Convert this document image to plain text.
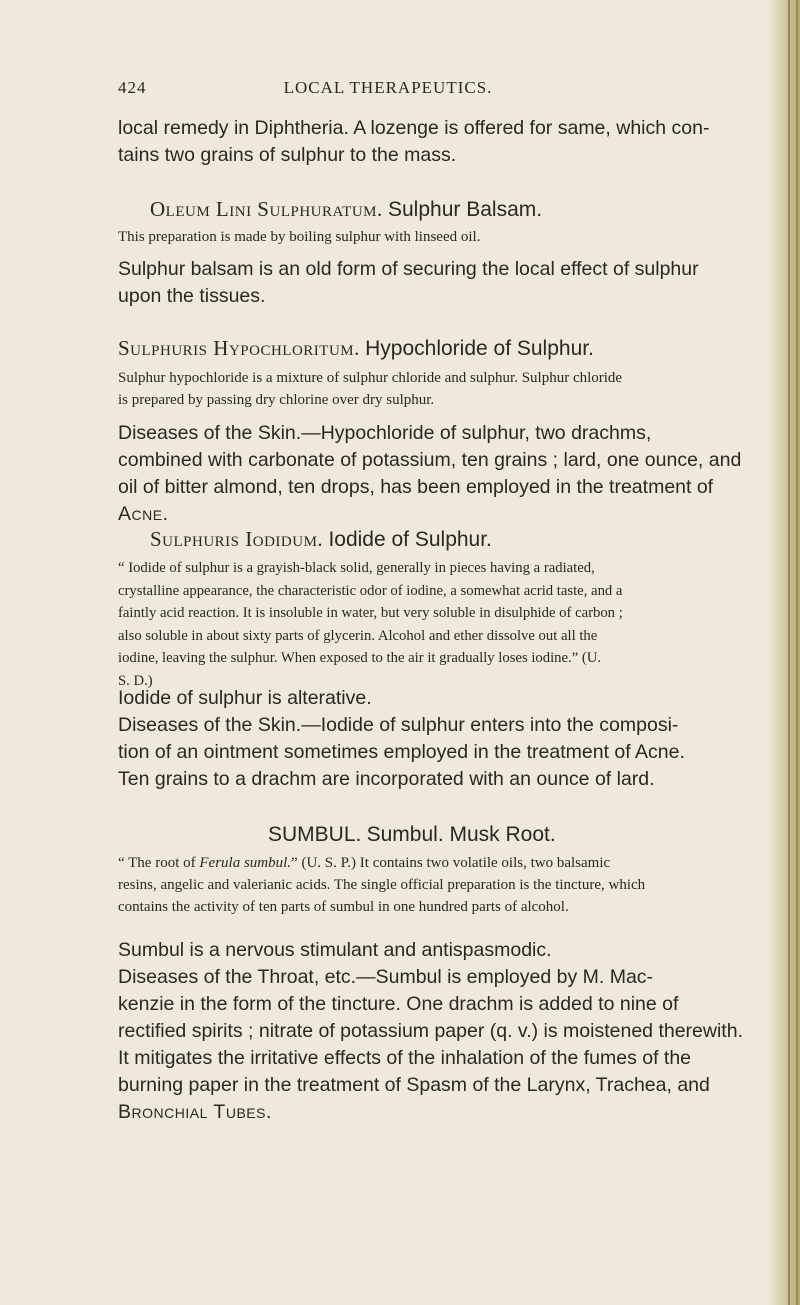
424	LOCAL THERAPEUTICS.
local remedy in Diphtheria. A lozenge is offered for same, which con-
tains two grains of sulphur to the mass.
Oleum Lini Sulphuratum. Sulphur Balsam.
This preparation is made by boiling sulphur with linseed oil.
Sulphur balsam is an old form of securing the local effect of sulphur
upon the tissues.
Sulphuris Hypochloritum. Hypochloride of Sulphur.
Sulphur hypochloride is a mixture of sulphur chloride and sulphur. Sulphur chloride
is prepared by passing dry chlorine over dry sulphur.
Diseases of the Skin.—Hypochloride of sulphur, two drachms,
combined with carbonate of potassium, ten grains ; lard, one ounce, and
oil of bitter almond, ten drops, has been employed in the treatment of
Acne.
Sulphuris Iodidum. Iodide of Sulphur.
“ Iodide of sulphur is a grayish-black solid, generally in pieces having a radiated,
crystalline appearance, the characteristic odor of iodine, a somewhat acrid taste, and a
faintly acid reaction. It is insoluble in water, but very soluble in disulphide of carbon ;
also soluble in about sixty parts of glycerin. Alcohol and ether dissolve out all the
iodine, leaving the sulphur. When exposed to the air it gradually loses iodine.” (U.
S. D.)
Iodide of sulphur is alterative.
Diseases of the Skin.—Iodide of sulphur enters into the composi-
tion of an ointment sometimes employed in the treatment of Acne.
Ten grains to a drachm are incorporated with an ounce of lard.
SUMBUL. Sumbul. Musk Root.
“ The root of Ferula sumbul.” (U. S. P.) It contains two volatile oils, two balsamic
resins, angelic and valerianic acids. The single official preparation is the tincture, which
contains the activity of ten parts of sumbul in one hundred parts of alcohol.
Sumbul is a nervous stimulant and antispasmodic.
Diseases of the Throat, etc.—Sumbul is employed by M. Mac-
kenzie in the form of the tincture. One drachm is added to nine of
rectified spirits ; nitrate of potassium paper (q. v.) is moistened therewith.
It mitigates the irritative effects of the inhalation of the fumes of the
burning paper in the treatment of Spasm of the Larynx, Trachea, and
Bronchial Tubes.
